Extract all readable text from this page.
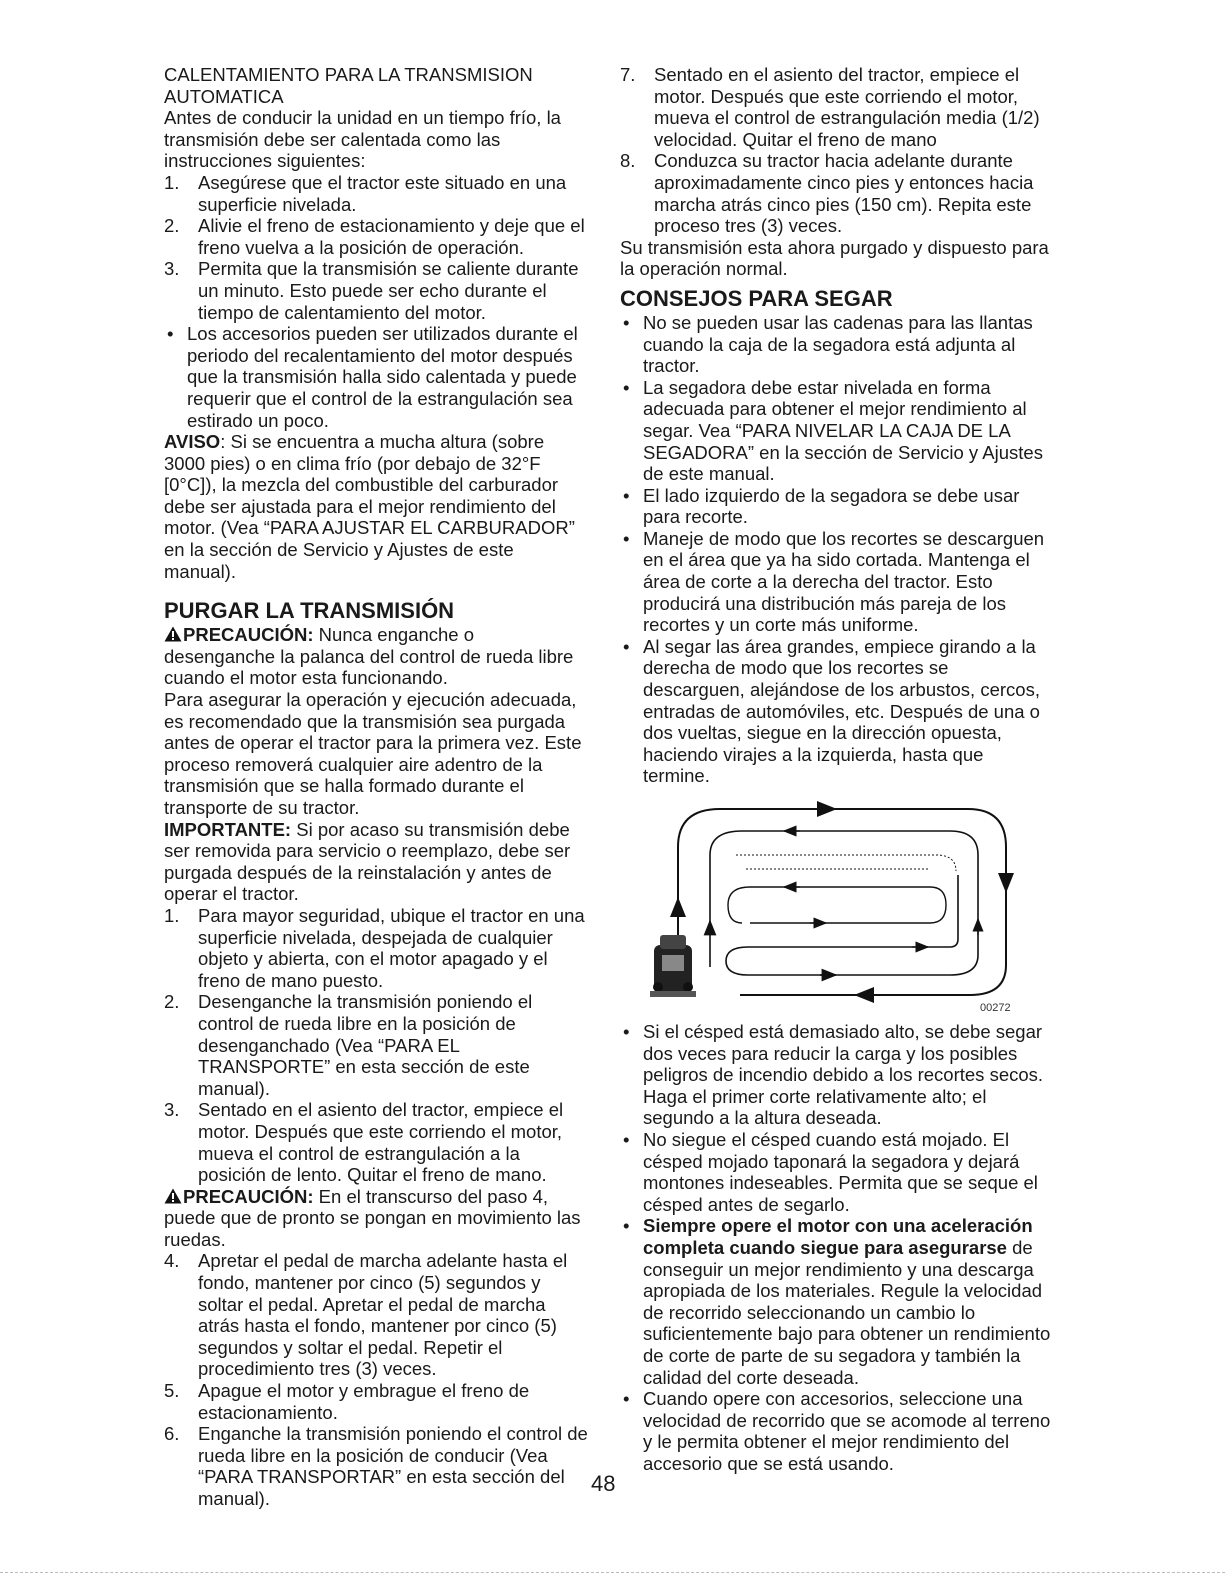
CALENTAMIENTO PARA LA TRANSMISION
AUTOMATICA

Antes de conducir la unidad en un tiempo frío, la transmisión debe ser calentada como las instrucciones siguientes:

1. Asegúrese que el tractor este situado en una superficie nivelada.
2. Alivie el freno de estacionamiento y deje que el freno vuelva a la posición de operación.
3. Permita que la transmisión se caliente durante un minuto. Esto puede ser echo durante el tiempo de calentamiento del motor.
• Los accesorios pueden ser utilizados durante el periodo del recalentamiento del motor después que la transmisión halla sido calentada y puede requerir que el control de la estrangulación sea estirado un poco.

AVISO: Si se encuentra a mucha altura (sobre 3000 pies) o en clima frío (por debajo de 32°F [0°C]), la mezcla del combustible del carburador debe ser ajustada para el mejor rendimiento del motor. (Vea “PARA AJUSTAR EL CARBURADOR” en la sección de Servicio y Ajustes de este manual).

PURGAR LA TRANSMISIÓN

PRECAUCIÓN: Nunca enganche o desenganche la palanca del control de rueda libre cuando el motor esta funcionando.

Para asegurar la operación y ejecución adecuada, es recomendado que la transmisión sea purgada antes de operar el tractor para la primera vez. Este proceso removerá cualquier aire adentro de la transmisión que se halla formado durante el transporte de su tractor.

IMPORTANTE: Si por acaso su transmisión debe ser removida para servicio o reemplazo, debe ser purgada después de la reinstalación y antes de operar el tractor.

1. Para mayor seguridad, ubique el tractor en una superficie nivelada, despejada de cualquier objeto y abierta, con el motor apagado y el freno de mano puesto.
2. Desenganche la transmisión poniendo el control de rueda libre en la posición de desenganchado (Vea “PARA EL TRANSPORTE” en esta sección de este manual).
3. Sentado en el asiento del tractor, empiece el motor. Después que este corriendo el motor, mueva el control de estrangulación a la posición de lento. Quitar el freno de mano.

PRECAUCIÓN: En el transcurso del paso 4, puede que de pronto se pongan en movimiento las ruedas.

4. Apretar el pedal de marcha adelante hasta el fondo, mantener por cinco (5) segundos y soltar el pedal. Apretar el pedal de marcha atrás hasta el fondo, mantener por cinco (5) segundos y soltar el pedal. Repetir el procedimiento tres (3) veces.
5. Apague el motor y embrague el freno de estacionamiento.
6. Enganche la transmisión poniendo el control de rueda libre en la posición de conducir (Vea “PARA TRANSPORTAR” en esta sección del manual).
7. Sentado en el asiento del tractor, empiece el motor. Después que este corriendo el motor, mueva el control de estrangulación media (1/2) velocidad. Quitar el freno de mano
8. Conduzca su tractor hacia adelante durante aproximadamente cinco pies y entonces hacia marcha atrás cinco pies (150 cm). Repita este proceso tres (3) veces.

Su transmisión esta ahora purgado y dispuesto para la operación normal.

CONSEJOS PARA SEGAR

• No se pueden usar las cadenas para las llantas cuando la caja de la segadora está adjunta al tractor.
• La segadora debe estar nivelada en forma adecuada para obtener el mejor rendimiento al segar. Vea “PARA NIVELAR LA CAJA DE LA SEGADORA” en la sección de Servicio y Ajustes de este manual.
• El lado izquierdo de la segadora se debe usar para recorte.
• Maneje de modo que los recortes se descarguen en el área que ya ha sido cortada. Mantenga el área de corte a la derecha del tractor. Esto producirá una distribución más pareja de los recortes y un corte más uniforme.
• Al segar las área grandes, empiece girando a la derecha de modo que los recortes se descarguen, alejándose de los arbustos, cercos, entradas de automóviles, etc. Después de una o dos vueltas, siegue en la dirección opuesta, haciendo virajes a la izquierda, hasta que termine.
00272
• Si el césped está demasiado alto, se debe segar dos veces para reducir la carga y los posibles peligros de incendio debido a los recortes secos. Haga el primer corte relativamente alto; el segundo a la altura deseada.
• No siegue el césped cuando está mojado. El césped mojado taponará la segadora y dejará montones indeseables. Permita que se seque el césped antes de segarlo.
• Siempre opere el motor con una aceleración completa cuando siegue para asegurarse de conseguir un mejor rendimiento y una descarga apropiada de los materiales. Regule la velocidad de recorrido seleccionando un cambio lo suficientemente bajo para obtener un rendimiento de corte de parte de su segadora y también la calidad del corte deseada.
• Cuando opere con accesorios, seleccione una velocidad de recorrido que se acomode al terreno y le permita obtener el mejor rendimiento del accesorio que se está usando.
48
